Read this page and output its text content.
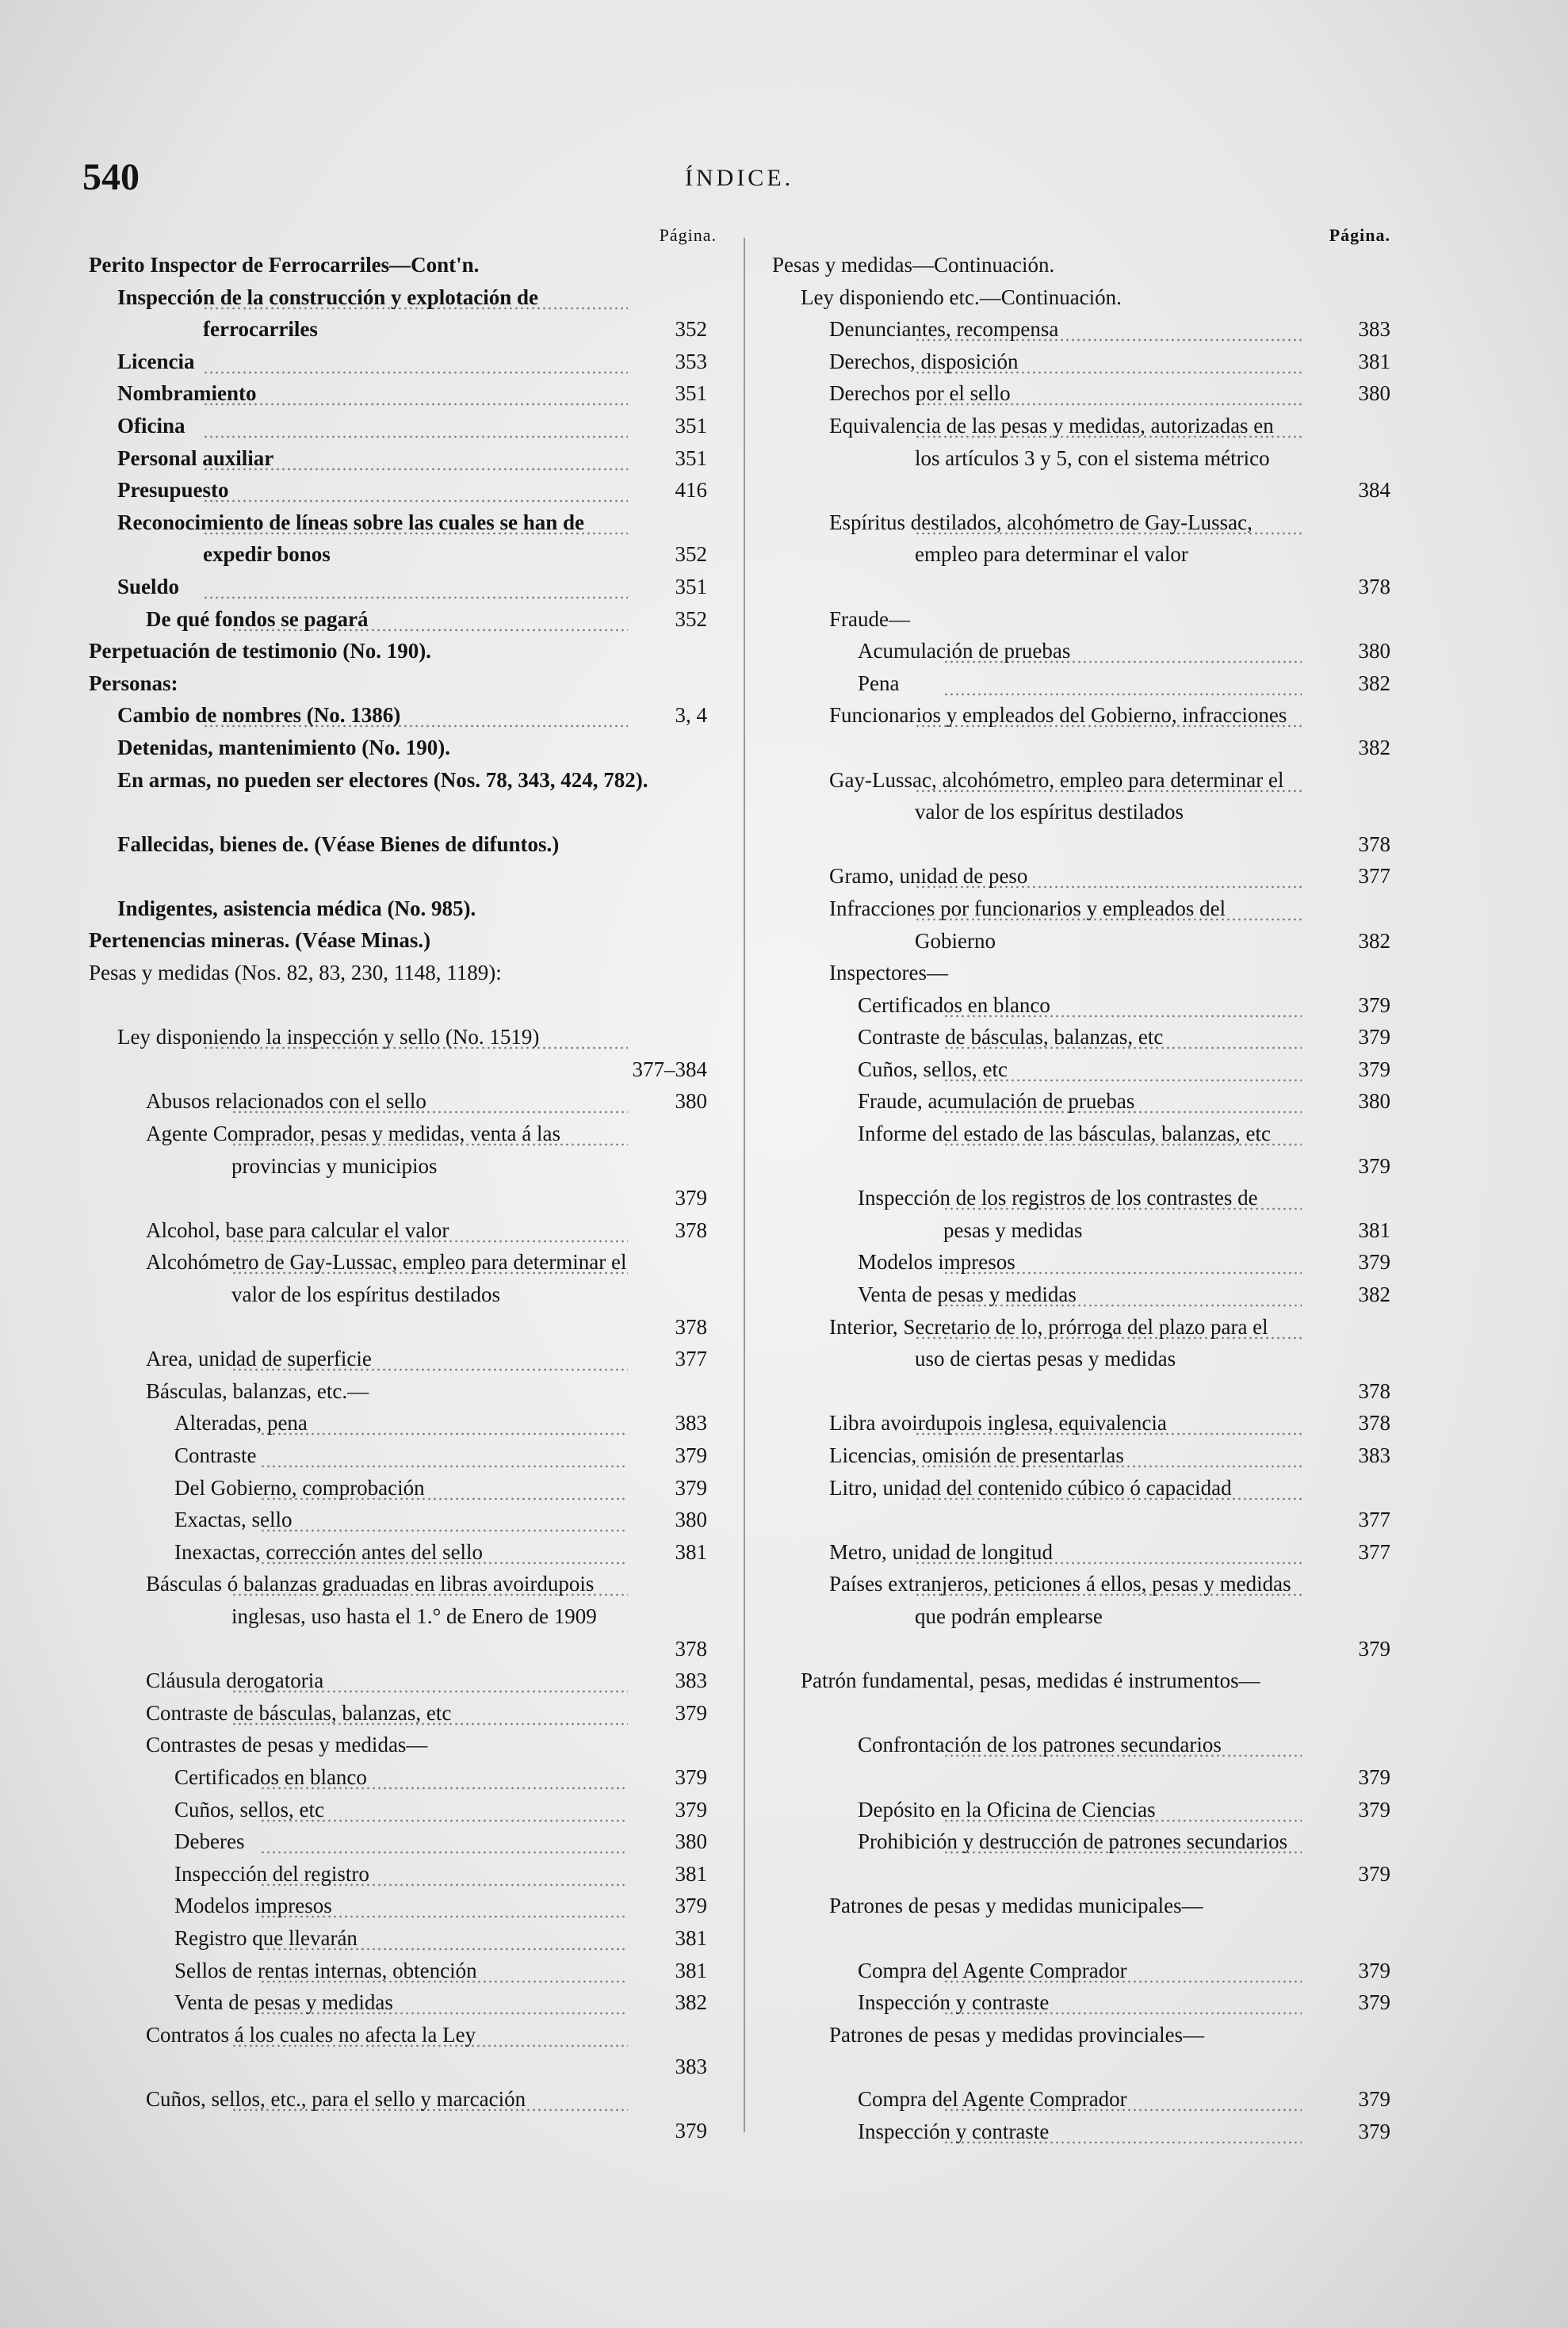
540	ÍNDICE.
Página.
Perito Inspector de Ferrocarriles—Cont'n.
Inspección de la construcción y explotación de ferrocarriles	352
Licencia	353
Nombramiento	351
Oficina	351
Personal auxiliar	351
Presupuesto	416
Reconocimiento de líneas sobre las cuales se han de expedir bonos	352
Sueldo	351
De qué fondos se pagará	352
Perpetuación de testimonio (No. 190).
Personas:
Cambio de nombres (No. 1386)	3, 4
Detenidas, mantenimiento (No. 190).
En armas, no pueden ser electores (Nos. 78, 343, 424, 782).
Fallecidas, bienes de. (Véase Bienes de difuntos.)
Indigentes, asistencia médica (No. 985).
Pertenencias mineras. (Véase Minas.)
Pesas y medidas (Nos. 82, 83, 230, 1148, 1189):
Ley disponiendo la inspección y sello (No. 1519)
377–384
Abusos relacionados con el sello	380
Agente Comprador, pesas y medidas, venta á las provincias y municipios
379
Alcohol, base para calcular el valor	378
Alcohómetro de Gay-Lussac, empleo para determinar el valor de los espíritus destilados
378
Area, unidad de superficie	377
Básculas, balanzas, etc.—
Alteradas, pena	383
Contraste	379
Del Gobierno, comprobación	379
Exactas, sello	380
Inexactas, corrección antes del sello	381
Básculas ó balanzas graduadas en libras avoirdupois inglesas, uso hasta el 1.° de Enero de 1909
378
Cláusula derogatoria	383
Contraste de básculas, balanzas, etc	379
Contrastes de pesas y medidas—
Certificados en blanco	379
Cuños, sellos, etc	379
Deberes	380
Inspección del registro	381
Modelos impresos	379
Registro que llevarán	381
Sellos de rentas internas, obtención	381
Venta de pesas y medidas	382
Contratos á los cuales no afecta la Ley
383
Cuños, sellos, etc., para el sello y marcación
379
Página.
Pesas y medidas—Continuación.
Ley disponiendo etc.—Continuación.
Denunciantes, recompensa	383
Derechos, disposición	381
Derechos por el sello	380
Equivalencia de las pesas y medidas, autorizadas en los artículos 3 y 5, con el sistema métrico
384
Espíritus destilados, alcohómetro de Gay-Lussac, empleo para determinar el valor
378
Fraude—
Acumulación de pruebas	380
Pena	382
Funcionarios y empleados del Gobierno, infracciones
382
Gay-Lussac, alcohómetro, empleo para determinar el valor de los espíritus destilados
378
Gramo, unidad de peso	377
Infracciones por funcionarios y empleados del Gobierno	382
Inspectores—
Certificados en blanco	379
Contraste de básculas, balanzas, etc	379
Cuños, sellos, etc	379
Fraude, acumulación de pruebas	380
Informe del estado de las básculas, balanzas, etc
379
Inspección de los registros de los contrastes de pesas y medidas	381
Modelos impresos	379
Venta de pesas y medidas	382
Interior, Secretario de lo, prórroga del plazo para el uso de ciertas pesas y medidas
378
Libra avoirdupois inglesa, equivalencia	378
Licencias, omisión de presentarlas	383
Litro, unidad del contenido cúbico ó capacidad
377
Metro, unidad de longitud	377
Países extranjeros, peticiones á ellos, pesas y medidas que podrán emplearse
379
Patrón fundamental, pesas, medidas é instrumentos—
Confrontación de los patrones secundarios
379
Depósito en la Oficina de Ciencias	379
Prohibición y destrucción de patrones secundarios
379
Patrones de pesas y medidas municipales—
Compra del Agente Comprador	379
Inspección y contraste	379
Patrones de pesas y medidas provinciales—
Compra del Agente Comprador	379
Inspección y contraste	379
